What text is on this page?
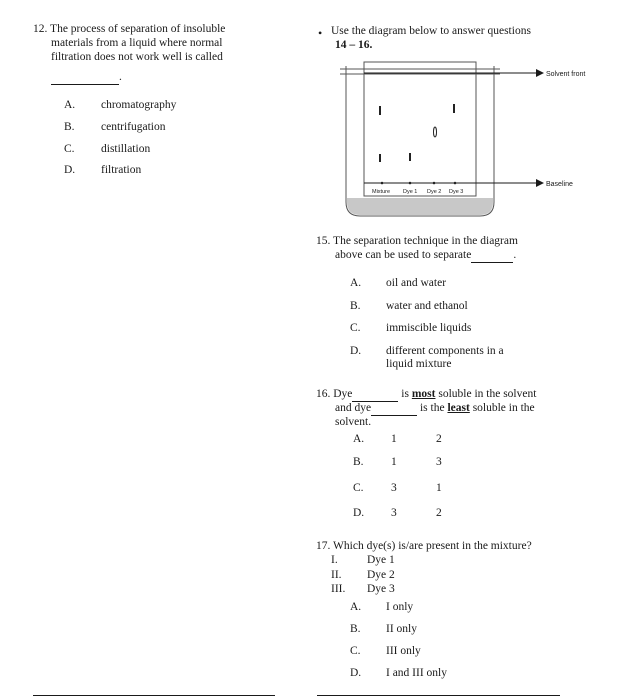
12. The process of separation of insoluble
materials from a liquid where normal
filtration does not work well is called
.
A. chromatography
B. centrifugation
C. distillation
D. filtration
• Use the diagram below to answer questions
14 – 16.
Solvent front
Baseline
Mixture Dye 1 Dye 2 Dye 3
15. The separation technique in the diagram
above can be used to separate	.
A. oil and water
B. water and ethanol
C. immiscible liquids
D. different components in a
liquid mixture
16. Dye	is most soluble in the solvent
and dye	is the least soluble in the
solvent.
A. 1	2
B. 1	3
C. 3	1
D. 3	2
17. Which dye(s) is/are present in the mixture?
I.	Dye 1
II. Dye 2
III. Dye 3
A. I only
B. II only
C. III only
D. I and III only
